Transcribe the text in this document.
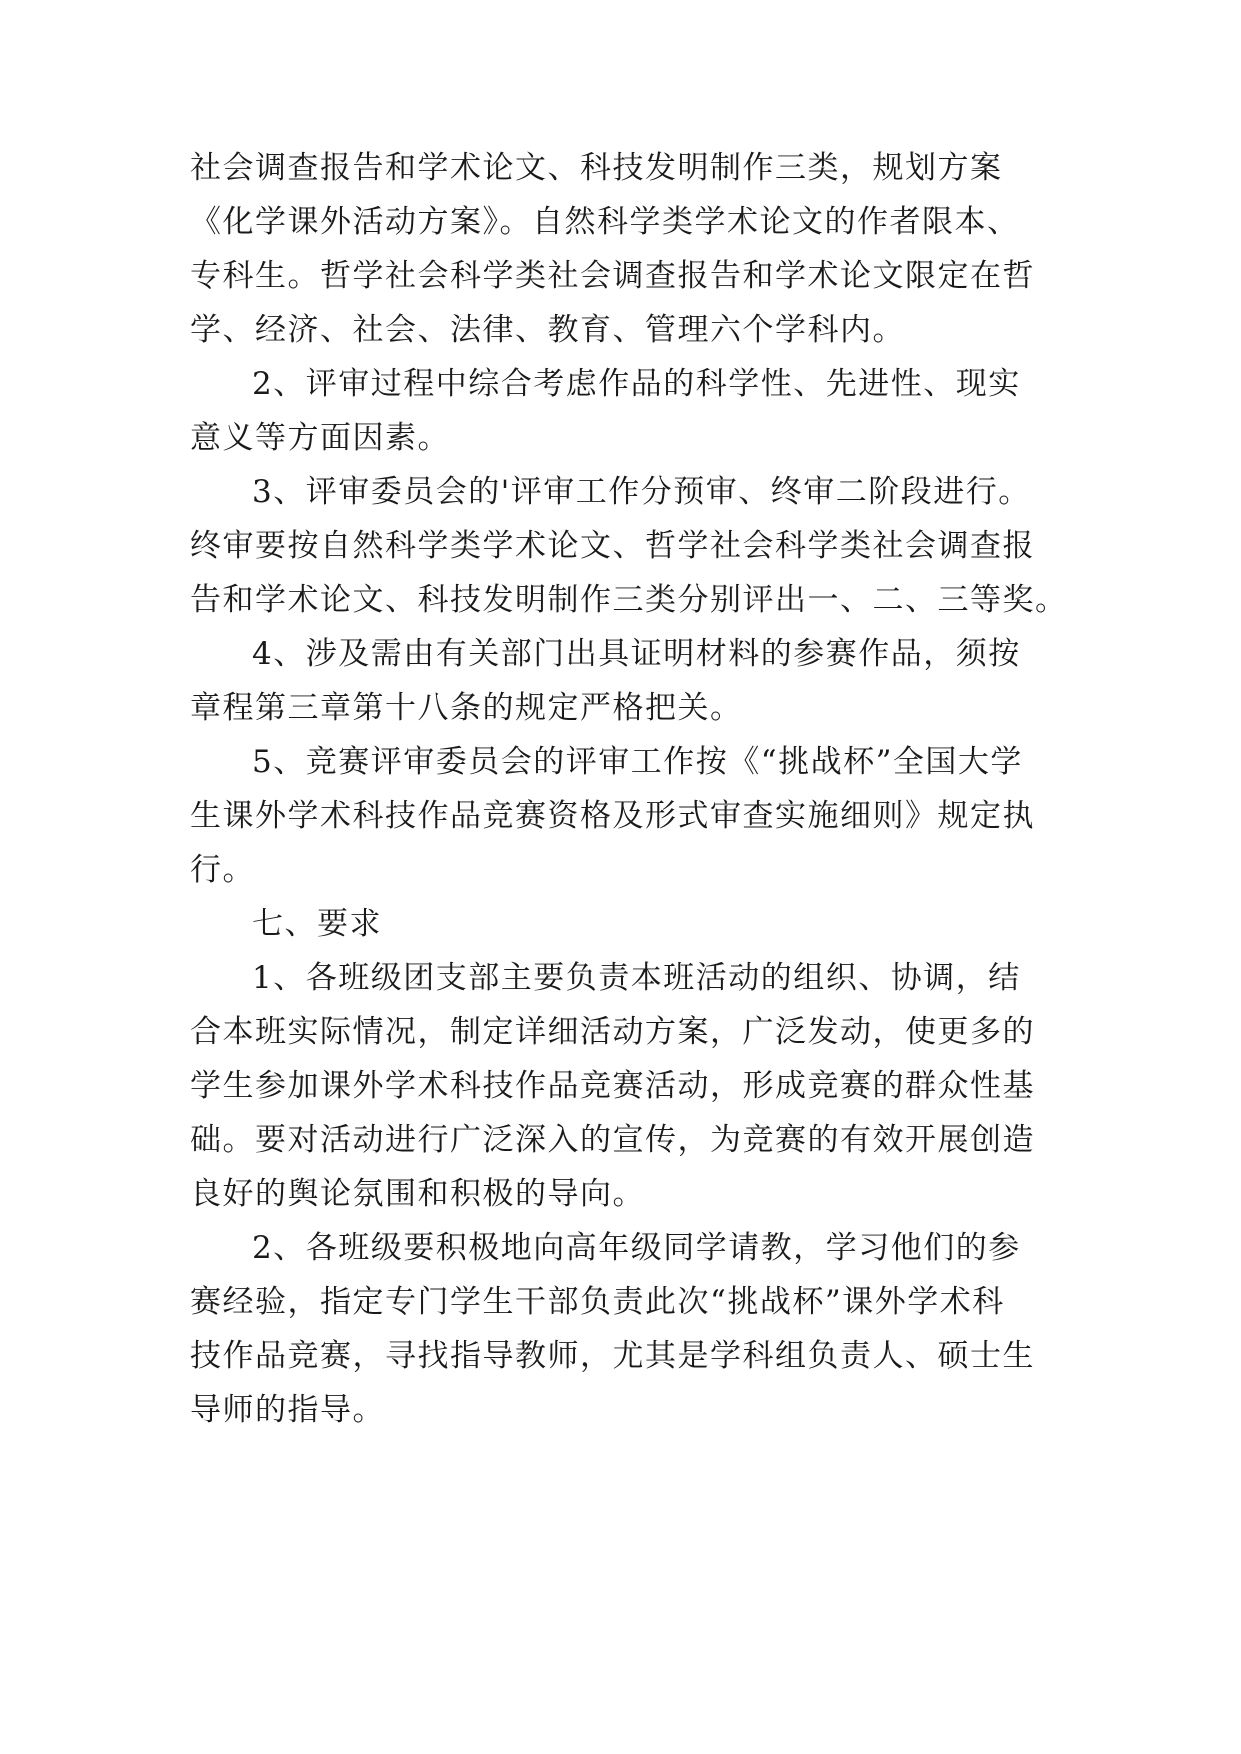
社会调查报告和学术论文、科技发明制作三类，规划方案
《化学课外活动方案》。自然科学类学术论文的作者限本、
专科生。哲学社会科学类社会调查报告和学术论文限定在哲
学、经济、社会、法律、教育、管理六个学科内。
2、评审过程中综合考虑作品的科学性、先进性、现实
意义等方面因素。
3、评审委员会的'评审工作分预审、终审二阶段进行。
终审要按自然科学类学术论文、哲学社会科学类社会调查报
告和学术论文、科技发明制作三类分别评出一、二、三等奖。
4、涉及需由有关部门出具证明材料的参赛作品，须按
章程第三章第十八条的规定严格把关。
5、竞赛评审委员会的评审工作按《“挑战杯”全国大学
生课外学术科技作品竞赛资格及形式审查实施细则》规定执
行。
七、要求
1、各班级团支部主要负责本班活动的组织、协调，结
合本班实际情况，制定详细活动方案，广泛发动，使更多的
学生参加课外学术科技作品竞赛活动，形成竞赛的群众性基
础。要对活动进行广泛深入的宣传，为竞赛的有效开展创造
良好的舆论氛围和积极的导向。
2、各班级要积极地向高年级同学请教，学习他们的参
赛经验，指定专门学生干部负责此次“挑战杯”课外学术科
技作品竞赛，寻找指导教师，尤其是学科组负责人、硕士生
导师的指导。
